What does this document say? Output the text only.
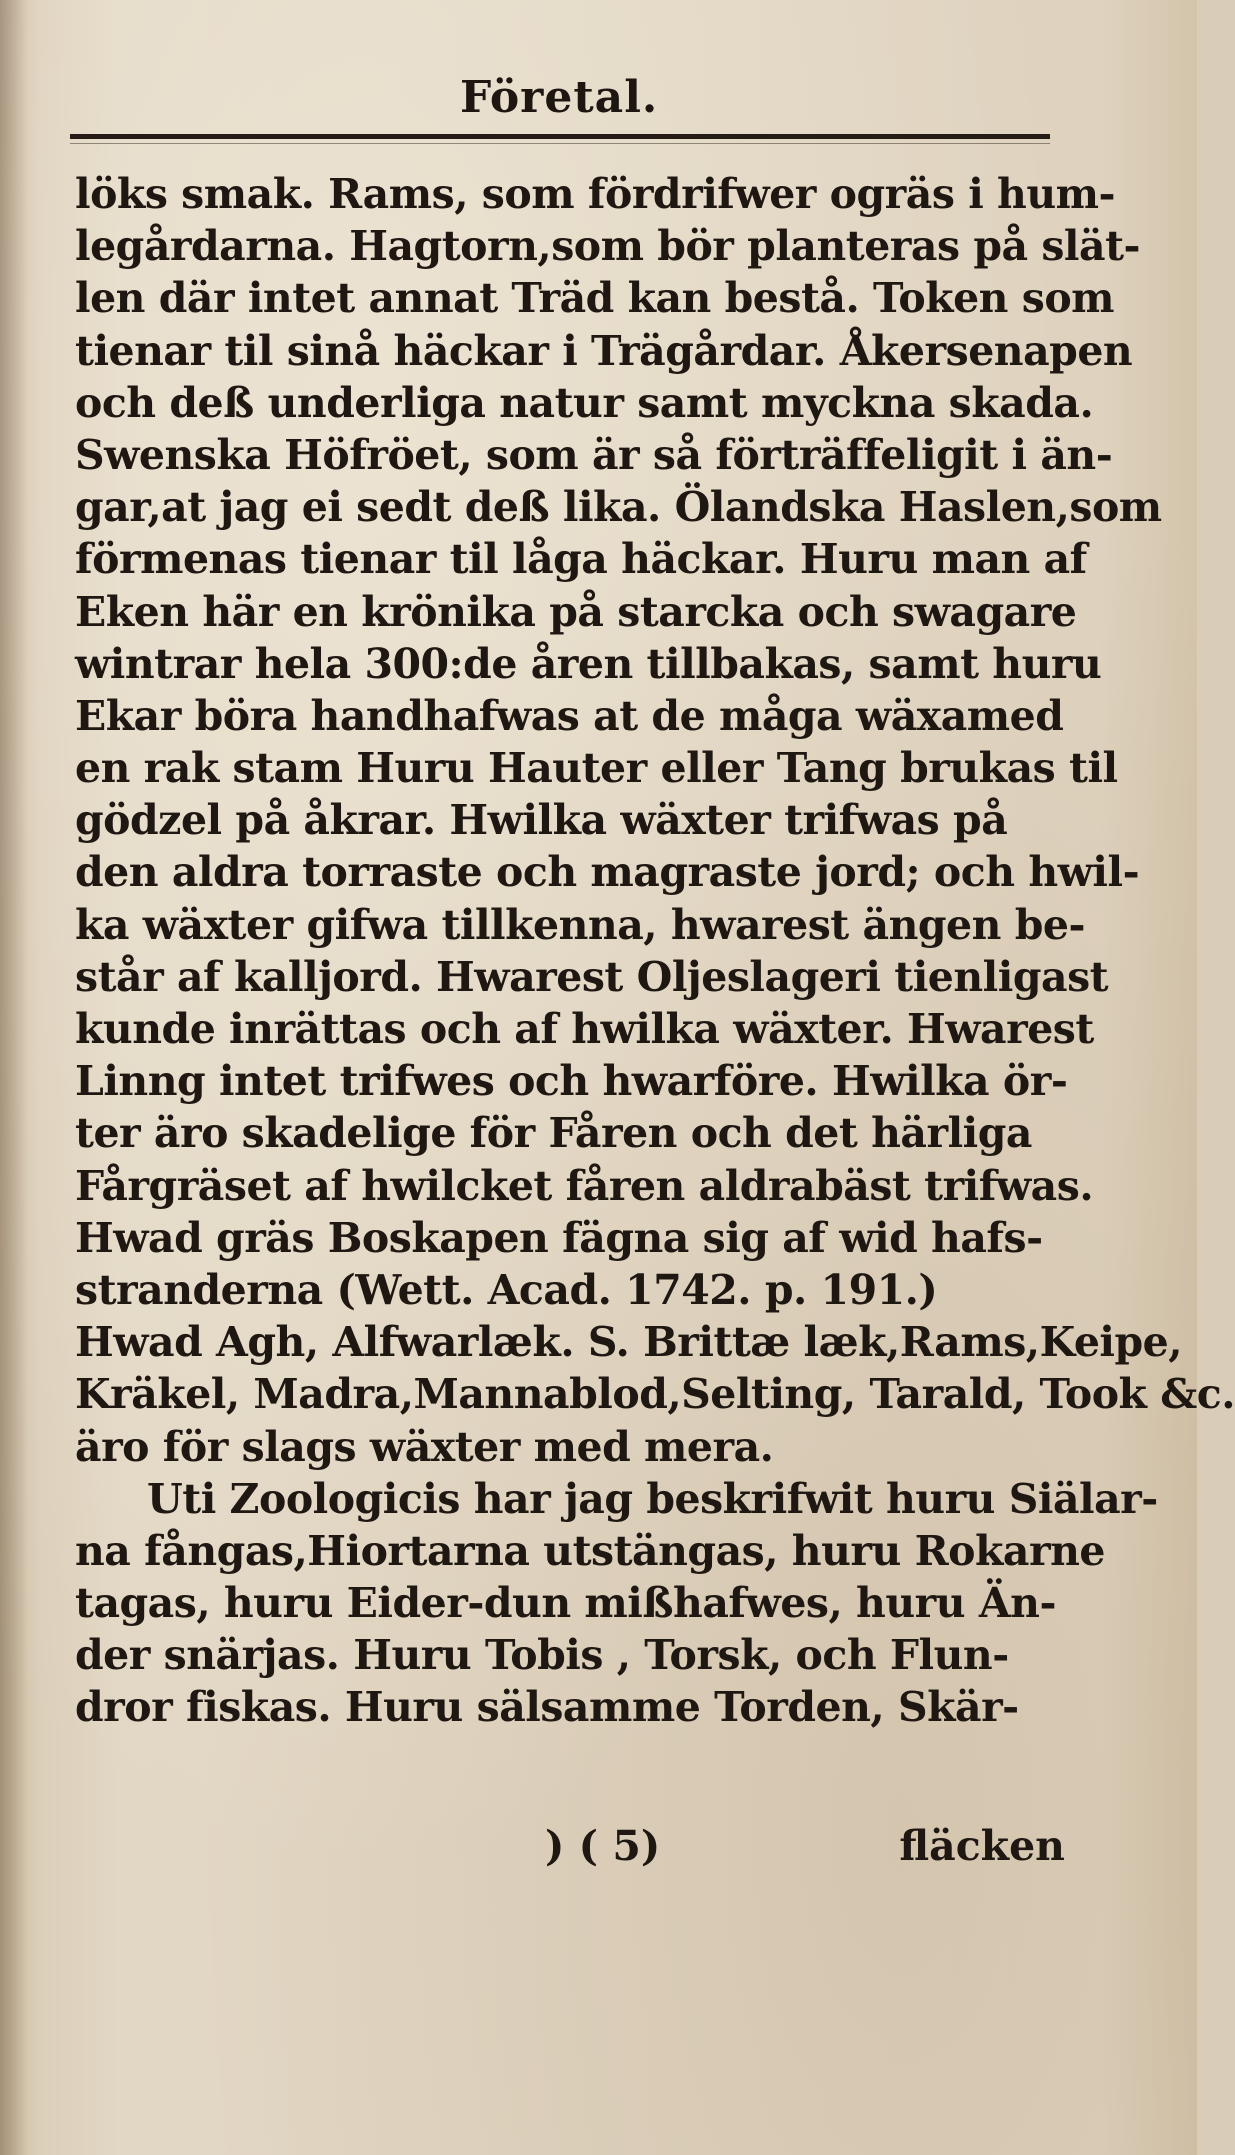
Företal.
löks smak. Rams, som fördrifwer ogräs i hum-
legårdarna. Hagtorn,som bör planteras på slät-
len där intet annat Träd kan bestå. Token som
tienar til sinå häckar i Trägårdar. Åkersenapen
och deß underliga natur samt myckna skada.
Swenska Höfröet, som är så förträffeligit i än-
gar,at jag ei sedt deß lika. Ölandska Haslen,som
förmenas tienar til låga häckar. Huru man af
Eken här en krönika på starcka och swagare
wintrar hela 300:de åren tillbakas, samt huru
Ekar böra handhafwas at de måga wäxamed
en rak stam Huru Hauter eller Tang brukas til
gödzel på åkrar. Hwilka wäxter trifwas på
den aldra torraste och magraste jord; och hwil-
ka wäxter gifwa tillkenna, hwarest ängen be-
står af kalljord. Hwarest Oljeslageri tienligast
kunde inrättas och af hwilka wäxter. Hwarest
Linng intet trifwes och hwarföre. Hwilka ör-
ter äro skadelige för Fåren och det härliga
Fårgräset af hwilcket fåren aldrabäst trifwas.
Hwad gräs Boskapen fägna sig af wid hafs-
stranderna (Wett. Acad. 1742. p. 191.)
Hwad Agh, Alfwarlæk. S. Brittæ læk,Rams,Keipe,
Kräkel, Madra,Mannablod,Selting, Tarald, Took &c.
äro för slags wäxter med mera.
Uti Zoologicis har jag beskrifwit huru Siälar-
na fångas,Hiortarna utstängas, huru Rokarne
tagas, huru Eider-dun mißhafwes, huru Än-
der snärjas. Huru Tobis , Torsk, och Flun-
dror fiskas. Huru sälsamme Torden, Skär-
) ( 5)	fläcken
